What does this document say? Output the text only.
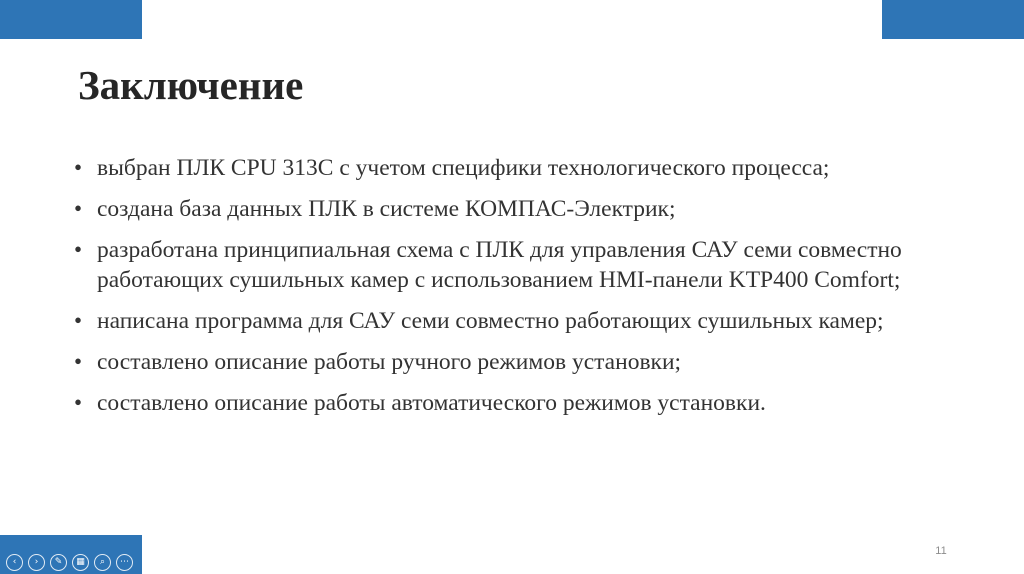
Заключение
• выбран ПЛК CPU 313C с учетом специфики технологического процесса;
• создана база данных ПЛК в системе КОМПАС-Электрик;
• разработана принципиальная схема с ПЛК для управления САУ семи совместно работающих сушильных камер с использованием HMI-панели KTP400 Comfort;
• написана программа для САУ семи совместно работающих сушильных камер;
• составлено описание работы ручного режимов установки;
• составлено описание работы автоматического режимов установки.
11
‹	›	✎	▦	⌕	⋯
